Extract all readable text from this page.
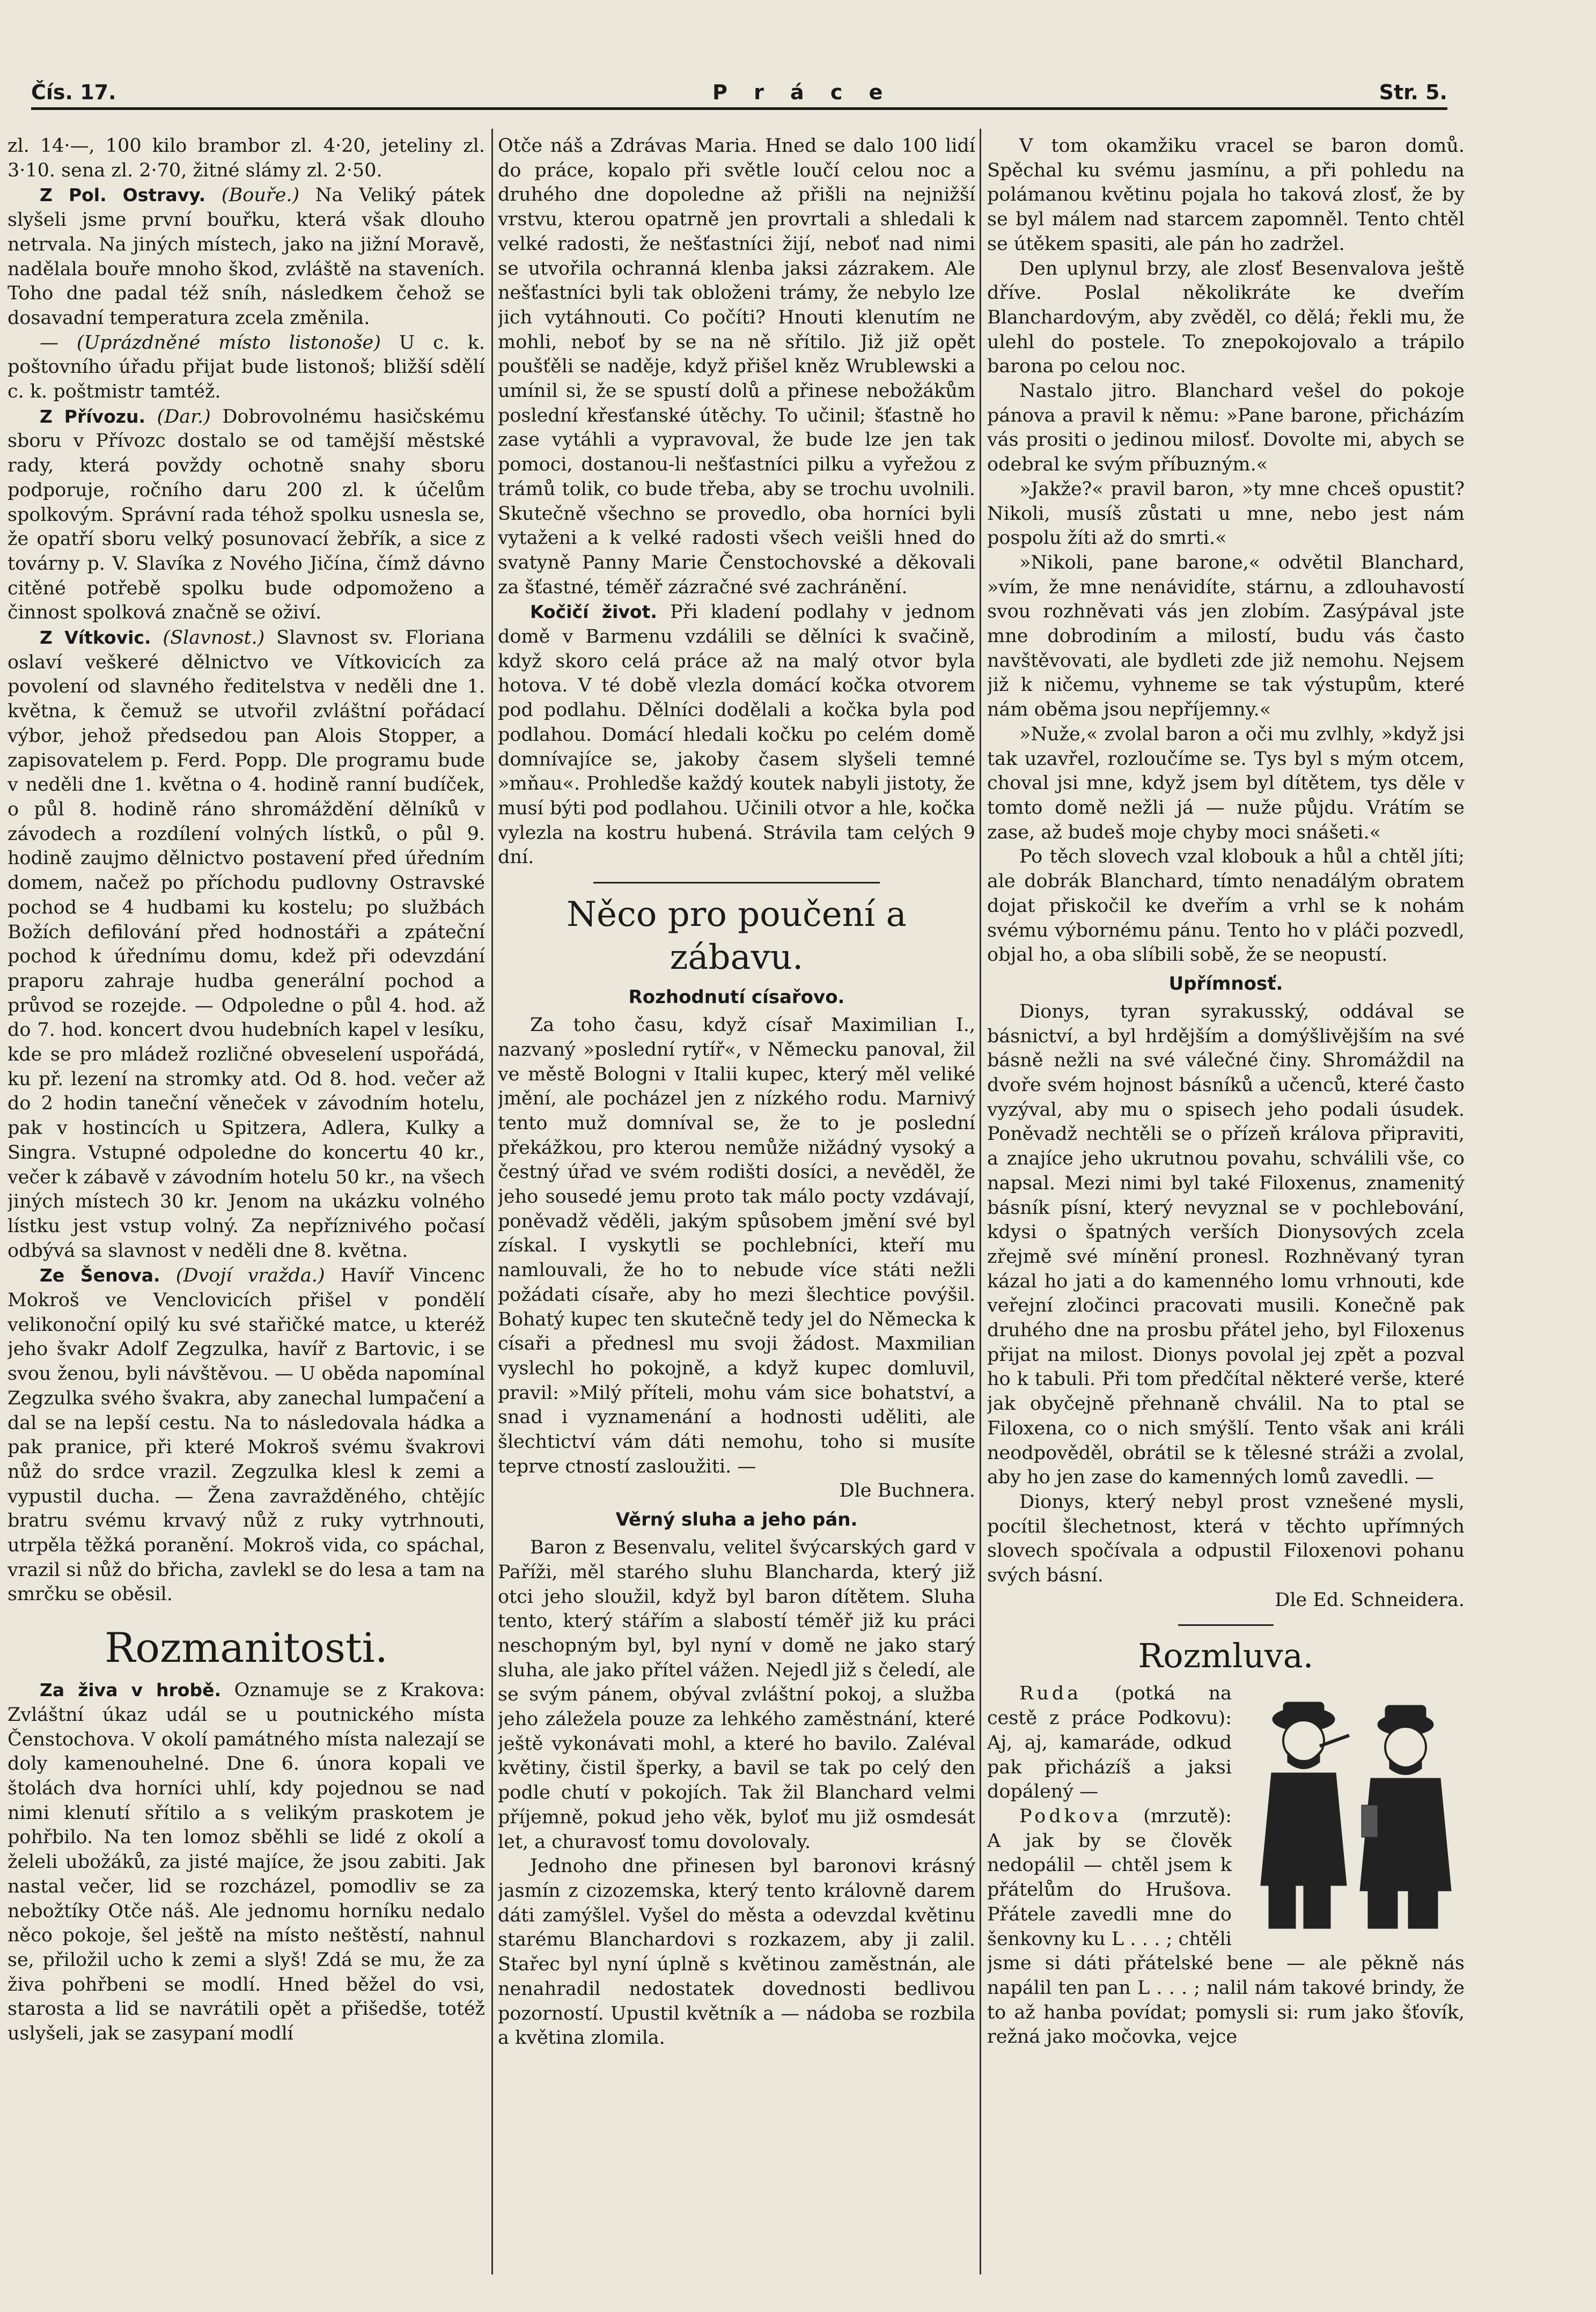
Čís. 17.	P r á c e	Str. 5.

zl. 14·—, 100 kilo brambor zl. 4·20, jeteliny zl. 3·10. sena zl. 2·70, žitné slámy zl. 2·50.

Z Pol. Ostravy. (Bouře.) Na Veliký pátek slyšeli jsme první bouřku, která však dlouho netrvala. Na jiných místech, jako na jižní Moravě, nadělala bouře mnoho škod, zvláště na staveních. Toho dne padal též sníh, následkem čehož se dosavadní temperatura zcela změnila.

— (Uprázdněné místo listonoše) U c. k. poštovního úřadu přijat bude listonoš; bližší sdělí c. k. poštmistr tamtéž.

Z Přívozu. (Dar.) Dobrovolnému hasičskému sboru v Přívozc dostalo se od tamější městské rady, která povždy ochotně snahy sboru podporuje, ročního daru 200 zl. k účelům spolkovým. Správní rada téhož spolku usnesla se, že opatří sboru velký posunovací žebřík, a sice z továrny p. V. Slavíka z Nového Jičína, čímž dávno citěné potřebě spolku bude odpomoženo a činnost spolková značně se oživí.

Z Vítkovic. (Slavnost.) Slavnost sv. Floriana oslaví veškeré dělnictvo ve Vítkovicích za povolení od slavného ředitelstva v neděli dne 1. května, k čemuž se utvořil zvláštní pořádací výbor, jehož předsedou pan Alois Stopper, a zapisovatelem p. Ferd. Popp. Dle programu bude v neděli dne 1. května o 4. hodině ranní budíček, o půl 8. hodině ráno shromáždění dělníků v závodech a rozdílení volných lístků, o půl 9. hodině zaujmo dělnictvo postavení před úředním domem, načež po příchodu pudlovny Ostravské pochod se 4 hudbami ku kostelu; po službách Božích defilování před hodnostáři a zpáteční pochod k úřednímu domu, kdež při odevzdání praporu zahraje hudba generální pochod a průvod se rozejde. — Odpoledne o půl 4. hod. až do 7. hod. koncert dvou hudebních kapel v lesíku, kde se pro mládež rozličné obveselení uspořádá, ku př. lezení na stromky atd. Od 8. hod. večer až do 2 hodin taneční věneček v závodním hotelu, pak v hostincích u Spitzera, Adlera, Kulky a Singra. Vstupné odpoledne do koncertu 40 kr., večer k zábavě v závodním hotelu 50 kr., na všech jiných místech 30 kr. Jenom na ukázku volného lístku jest vstup volný. Za nepříznivého počasí odbývá sa slavnost v neděli dne 8. května.

Ze Šenova. (Dvojí vražda.) Havíř Vincenc Mokroš ve Venclovicích přišel v pondělí velikonoční opilý ku své stařičké matce, u kteréž jeho švakr Adolf Zegzulka, havíř z Bartovic, i se svou ženou, byli návštěvou. — U oběda napomínal Zegzulka svého švakra, aby zanechal lumpačení a dal se na lepší cestu. Na to následovala hádka a pak pranice, při které Mokroš svému švakrovi nůž do srdce vrazil. Zegzulka klesl k zemi a vypustil ducha. — Žena zavražděného, chtějíc bratru svému krvavý nůž z ruky vytrhnouti, utrpěla těžká poranění. Mokroš vida, co spáchal, vrazil si nůž do břicha, zavlekl se do lesa a tam na smrčku se oběsil.

Rozmanitosti.

Za živa v hrobě. Oznamuje se z Krakova: Zvláštní úkaz udál se u poutnického místa Čenstochova. V okolí památného místa nalezají se doly kamenouhelné. Dne 6. února kopali ve štolách dva horníci uhlí, kdy pojednou se nad nimi klenutí sřítilo a s velikým praskotem je pohřbilo. Na ten lomoz sběhli se lidé z okolí a želeli ubožáků, za jisté majíce, že jsou zabiti. Jak nastal večer, lid se rozcházel, pomodliv se za nebožtíky Otče náš. Ale jednomu horníku nedalo něco pokoje, šel ještě na místo neštěstí, nahnul se, přiložil ucho k zemi a slyš! Zdá se mu, že za živa pohřbeni se modlí. Hned běžel do vsi, starosta a lid se navrátili opět a přišedše, totéž uslyšeli, jak se zasypaní modlí

Otče náš a Zdrávas Maria. Hned se dalo 100 lidí do práce, kopalo při světle loučí celou noc a druhého dne dopoledne až přišli na nejnižší vrstvu, kterou opatrně jen provrtali a shledali k velké radosti, že nešťastníci žijí, neboť nad nimi se utvořila ochranná klenba jaksi zázrakem. Ale nešťastníci byli tak obloženi trámy, že nebylo lze jich vytáhnouti. Co počíti? Hnouti klenutím ne mohli, neboť by se na ně sřítilo. Již již opět poušťěli se naděje, když přišel kněz Wrublewski a umínil si, že se spustí dolů a přinese nebožákům poslední křesťanské útěchy. To učinil; šťastně ho zase vytáhli a vypravoval, že bude lze jen tak pomoci, dostanou-li nešťastníci pilku a vyřežou z trámů tolik, co bude třeba, aby se trochu uvolnili. Skutečně všechno se provedlo, oba horníci byli vytaženi a k velké radosti všech veišli hned do svatyně Panny Marie Čenstochovské a děkovali za šťastné, téměř zázračné své zachránění.

Kočičí život. Při kladení podlahy v jednom domě v Barmenu vzdálili se dělníci k svačině, když skoro celá práce až na malý otvor byla hotova. V té době vlezla domácí kočka otvorem pod podlahu. Dělníci dodělali a kočka byla pod podlahou. Domácí hledali kočku po celém domě domnívajíce se, jakoby časem slyšeli temné »mňau«. Prohledše každý koutek nabyli jistoty, že musí býti pod podlahou. Učinili otvor a hle, kočka vylezla na kostru hubená. Strávila tam celých 9 dní.

Něco pro poučení a zábavu.
Rozhodnutí císařovo.

Za toho času, když císař Maximilian I., nazvaný »poslední rytíř«, v Německu panoval, žil ve městě Bologni v Italii kupec, který měl veliké jmění, ale pocházel jen z nízkého rodu. Marnivý tento muž domníval se, že to je poslední překážkou, pro kterou nemůže nižádný vysoký a čestný úřad ve svém rodišti dosíci, a nevěděl, že jeho sousedé jemu proto tak málo pocty vzdávají, poněvadž věděli, jakým spůsobem jmění své byl získal. I vyskytli se pochlebníci, kteří mu namlouvali, že ho to nebude více státi nežli požádati císaře, aby ho mezi šlechtice povýšil. Bohatý kupec ten skutečně tedy jel do Německa k císaři a přednesl mu svoji žádost. Maxmilian vyslechl ho pokojně, a když kupec domluvil, pravil: »Milý příteli, mohu vám sice bohatství, a snad i vyznamenání a hodnosti uděliti, ale šlechtictví vám dáti nemohu, toho si musíte teprve ctností zasloužiti. —

Dle Buchnera.

Věrný sluha a jeho pán.

Baron z Besenvalu, velitel švýcarských gard v Paříži, měl starého sluhu Blancharda, který již otci jeho sloužil, když byl baron dítětem. Sluha tento, který stářím a slabostí téměř již ku práci neschopným byl, byl nyní v domě ne jako starý sluha, ale jako přítel vážen. Nejedl již s čeledí, ale se svým pánem, obýval zvláštní pokoj, a služba jeho záležela pouze za lehkého zaměstnání, které ještě vykonávati mohl, a které ho bavilo. Zaléval květiny, čistil šperky, a bavil se tak po celý den podle chutí v pokojích. Tak žil Blanchard velmi příjemně, pokud jeho věk, byloť mu již osmdesát let, a churavosť tomu dovolovaly.

Jednoho dne přinesen byl baronovi krásný jasmín z cizozemska, který tento královně darem dáti zamýšlel. Vyšel do města a odevzdal květinu starému Blanchardovi s rozkazem, aby ji zalil. Stařec byl nyní úplně s květinou zaměstnán, ale nenahradil nedostatek dovednosti bedlivou pozorností. Upustil květník a — nádoba se rozbila a květina zlomila.

V tom okamžiku vracel se baron domů. Spěchal ku svému jasmínu, a při pohledu na polámanou květinu pojala ho taková zlosť, že by se byl málem nad starcem zapomněl. Tento chtěl se útěkem spasiti, ale pán ho zadržel.

Den uplynul brzy, ale zlosť Besenvalova ještě dříve. Poslal několikráte ke dveřím Blanchardovým, aby zvěděl, co dělá; řekli mu, že ulehl do postele. To znepokojovalo a trápilo barona po celou noc.

Nastalo jitro. Blanchard vešel do pokoje pánova a pravil k němu: »Pane barone, přicházím vás prositi o jedinou milosť. Dovolte mi, abych se odebral ke svým příbuzným.«

»Jakže?« pravil baron, »ty mne chceš opustit? Nikoli, musíš zůstati u mne, nebo jest nám pospolu žíti až do smrti.«

»Nikoli, pane barone,« odvětil Blanchard, »vím, že mne nenávidíte, stárnu, a zdlouhavostí svou rozhněvati vás jen zlobím. Zasýpával jste mne dobrodiním a milostí, budu vás často navštěvovati, ale bydleti zde již nemohu. Nejsem již k ničemu, vyhneme se tak výstupům, které nám oběma jsou nepříjemny.«

»Nuže,« zvolal baron a oči mu zvlhly, »když jsi tak uzavřel, rozloučíme se. Tys byl s mým otcem, choval jsi mne, když jsem byl dítětem, tys děle v tomto domě nežli já — nuže půjdu. Vrátím se zase, až budeš moje chyby moci snášeti.«

Po těch slovech vzal klobouk a hůl a chtěl jíti; ale dobrák Blanchard, tímto nenadálým obratem dojat přiskočil ke dveřím a vrhl se k nohám svému výbornému pánu. Tento ho v pláči pozvedl, objal ho, a oba slíbili sobě, že se neopustí.

Upřímnosť.

Dionys, tyran syrakusský, oddával se básnictví, a byl hrdějším a domýšlivějším na své básně nežli na své válečné činy. Shromáždil na dvoře svém hojnost básníků a učenců, které často vyzýval, aby mu o spisech jeho podali úsudek. Poněvadž nechtěli se o přízeň králova připraviti, a znajíce jeho ukrutnou povahu, schválili vše, co napsal. Mezi nimi byl také Filoxenus, znamenitý básník písní, který nevyznal se v pochlebování, kdysi o špatných verších Dionysových zcela zřejmě své mínění pronesl. Rozhněvaný tyran kázal ho jati a do kamenného lomu vrhnouti, kde veřejní zločinci pracovati musili. Konečně pak druhého dne na prosbu přátel jeho, byl Filoxenus přijat na milost. Dionys povolal jej zpět a pozval ho k tabuli. Při tom předčítal některé verše, které jak obyčejně přehnaně chválil. Na to ptal se Filoxena, co o nich smýšlí. Tento však ani králi neodpověděl, obrátil se k tělesné stráži a zvolal, aby ho jen zase do kamenných lomů zavedli. —

Dionys, který nebyl prost vznešené mysli, pocítil šlechetnost, která v těchto upřímných slovech spočívala a odpustil Filoxenovi pohanu svých básní.

Dle Ed. Schneidera.

Rozmluva.

Ruda (potká na cestě z práce Podkovu): Aj, aj, kamaráde, odkud pak přicházíš a jaksi dopálený —

Podkova (mrzutě): A jak by se člověk nedopálil — chtěl jsem k přátelům do Hrušova. Přátele zavedli mne do šenkovny ku L . . . ; chtěli jsme si dáti přátelské bene — ale pěkně nás napálil ten pan L . . . ; nalil nám takové brindy, že to až hanba povídat; pomysli si: rum jako šťovík, režná jako močovka, vejce
